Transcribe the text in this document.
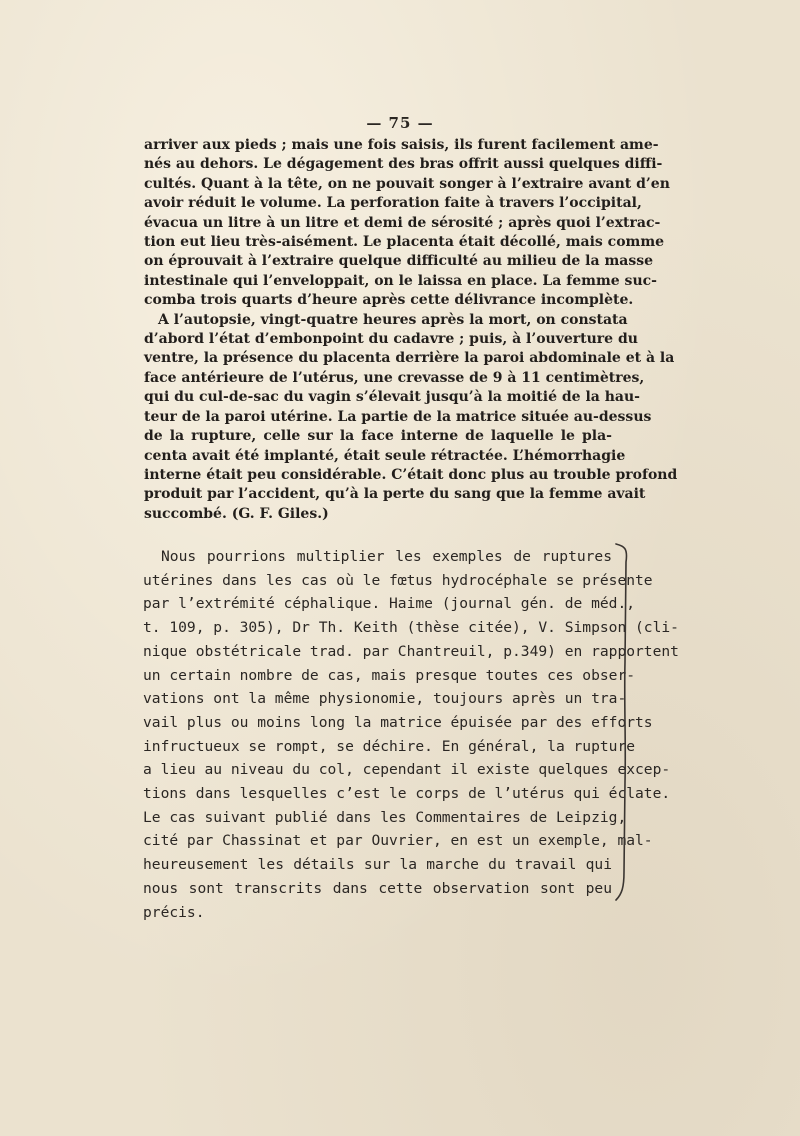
— 75 —
arriver aux pieds ; mais une fois saisis, ils furent facilement ame-
nés au dehors. Le dégagement des bras offrit aussi quelques diffi-
cultés. Quant à la tête, on ne pouvait songer à l’extraire avant d’en
avoir réduit le volume. La perforation faite à travers l’occipital,
évacua un litre à un litre et demi de sérosité ; après quoi l’extrac-
tion eut lieu très-aisément. Le placenta était décollé, mais comme
on éprouvait à l’extraire quelque difficulté au milieu de la masse
intestinale qui l’enveloppait, on le laissa en place. La femme suc-
comba trois quarts d’heure après cette délivrance incomplète.
A l’autopsie, vingt-quatre heures après la mort, on constata
d’abord l’état d’embonpoint du cadavre ; puis, à l’ouverture du
ventre, la présence du placenta derrière la paroi abdominale et à la
face antérieure de l’utérus, une crevasse de 9 à 11 centimètres,
qui du cul-de-sac du vagin s’élevait jusqu’à la moitié de la hau-
teur de la paroi utérine. La partie de la matrice située au-dessus
de la rupture, celle sur la face interne de laquelle le pla-
centa avait été implanté, était seule rétractée. L’hémorrhagie
interne était peu considérable. C’était donc plus au trouble profond
produit par l’accident, qu’à la perte du sang que la femme avait
succombé. (G. F. Giles.)
Nous pourrions multiplier les exemples de ruptures
utérines dans les cas où le fœtus hydrocéphale se présente
par l’extrémité céphalique. Haime (journal gén. de méd.,
t. 109, p. 305), Dr Th. Keith (thèse citée), V. Simpson (cli-
nique obstétricale trad. par Chantreuil, p.349) en rapportent
un certain nombre de cas, mais presque toutes ces obser-
vations ont la même physionomie, toujours après un tra-
vail plus ou moins long la matrice épuisée par des efforts
infructueux se rompt, se déchire. En général, la rupture
a lieu au niveau du col, cependant il existe quelques excep-
tions dans lesquelles c’est le corps de l’utérus qui éclate.
Le cas suivant publié dans les Commentaires de Leipzig,
cité par Chassinat et par Ouvrier, en est un exemple, mal-
heureusement les détails sur la marche du travail qui
nous sont transcrits dans cette observation sont peu
précis.
